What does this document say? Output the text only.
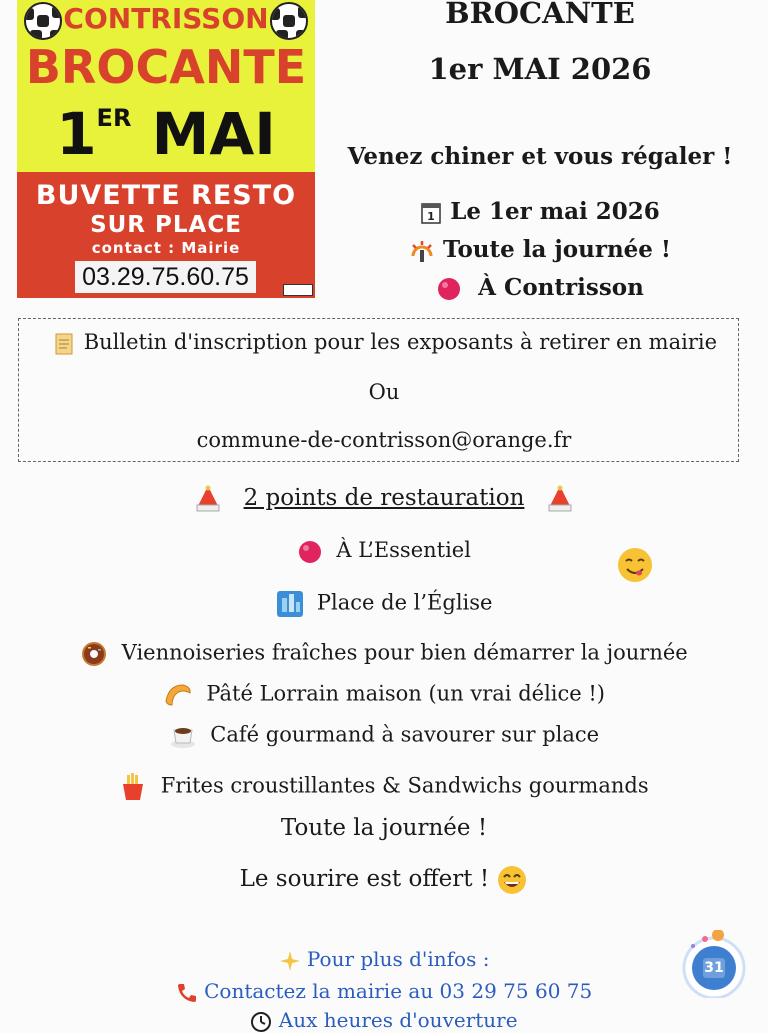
CONTRISSON
BROCANTE
1ER MAI
BUVETTE RESTO
SUR PLACE
contact : Mairie
03.29.75.60.75
BROCANTE
1er MAI 2026
Venez chiner et vous régaler !
1 Le 1er mai 2026
Toute la journée !
À Contrisson
Bulletin d'inscription pour les exposants à retirer en mairie
Ou
commune-de-contrisson@orange.fr
2 points de restauration
À L’Essentiel
Place de l’Église
Viennoiseries fraîches pour bien démarrer la journée
Pâté Lorrain maison (un vrai délice !)
Café gourmand à savourer sur place
Frites croustillantes & Sandwichs gourmands
Toute la journée !
Le sourire est offert !
Pour plus d'infos :
Contactez la mairie au 03 29 75 60 75
Aux heures d'ouverture
31
